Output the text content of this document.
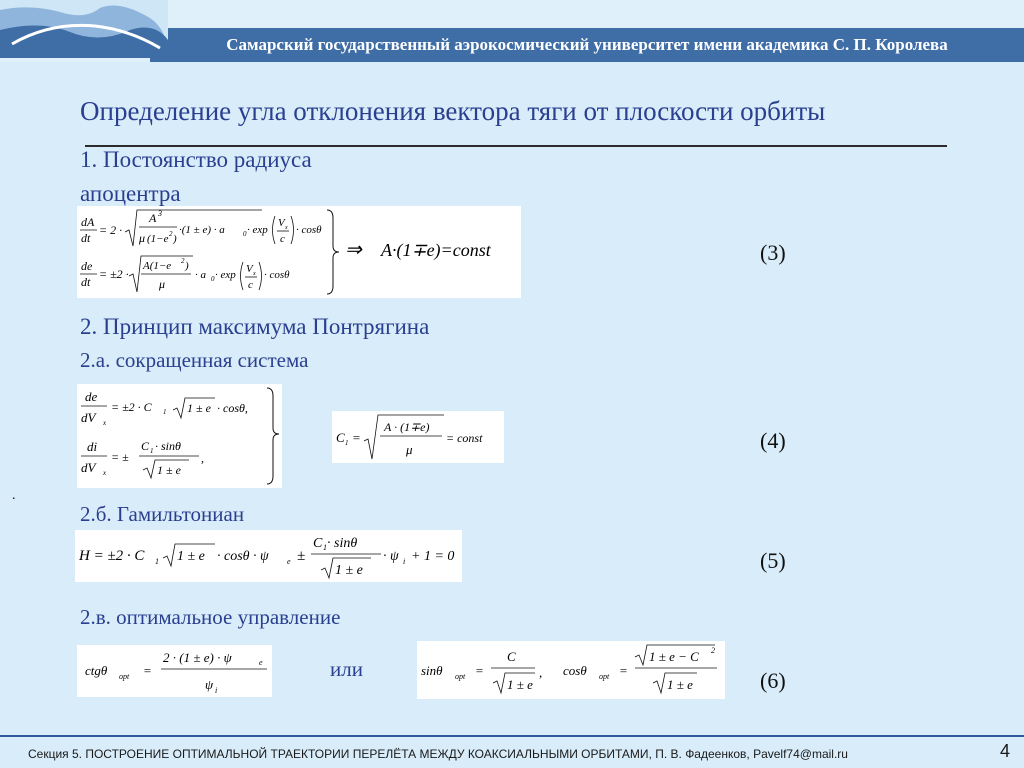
Самарский государственный аэрокосмический университет имени академика С. П. Королева
Определение угла отклонения вектора тяги от плоскости орбиты
1. Постоянство радиуса
апоцентра
dA
dt
= 2 ·
A 3
μ (1−e 2 )
·(1 ± e) · a	0 · exp
V x
c
· cosθ
de
dt
= ±2 ·
A(1−e 2 )
μ
· a 0 · exp V x
c
· cosθ
⇒ A·(1∓e)=const	(3)
2. Принцип максимума Понтрягина
2.а. сокращенная система
de
dV x
= ±2 · C 1 1 ± e · cosθ,
di
dV x
= ±
C 1 · sinθ
1 ± e
,
C 1 =
A · (1∓e)
μ
= const	(4)
.
2.б. Гамильтониан
H = ±2 · C 1 1 ± e · cosθ · ψ e ±
C 1 · sinθ
1 ± e
· ψ i + 1 = 0	(5)
2.в. оптимальное управление
ctgθ opt =
2 · (1 ± e) · ψ	e
ψ i
или	sinθ opt =
C
1 ± e
, cosθ opt =
1 ± e − C 2
1 ± e	(6)
Секция 5. ПОСТРОЕНИЕ ОПТИМАЛЬНОЙ ТРАЕКТОРИИ ПЕРЕЛЁТА МЕЖДУ КОАКСИАЛЬНЫМИ ОРБИТАМИ, П. В. Фадеенков, Pavelf74@mail.ru	4
